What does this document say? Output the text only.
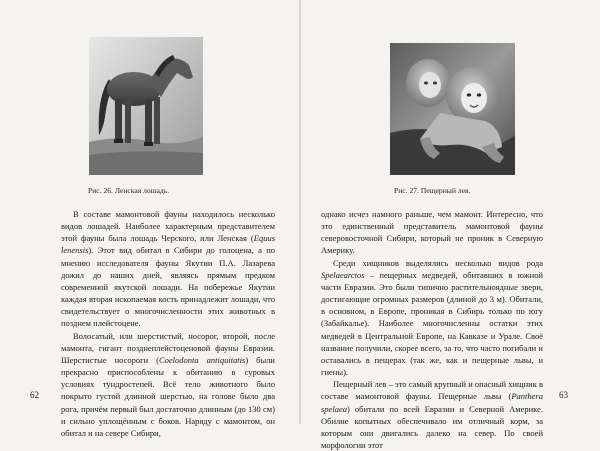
Рис. 26. Ленская лошадь.

В составе мамонтовой фауны находилось несколько видов лошадей. Наиболее характерным представителем этой фауны была лошадь Черского, или Ленская (Equus lenensis). Этот вид обитал в Сибири до голоцена, а по мнению исследователя фауны Якутии П.А. Лазарева дожил до наших дней, являясь прямым предком современной якутской лошади. На побережье Якутии каждая вторая ископаемая кость принадлежит лошади, что свидетельствует о многочисленности этих животных в позднем плейстоцене.

Волосатый, или шерстистый, носорог, второй, после мамонта, гигант позднеплейстоценовой фауны Евразии. Шерстистые носороги (Coelodonta antiquitatis) были прекрасно приспособлены к обитанию в суровых условиях тундростепей. Всё тело животного было покрыто густой длинной шерстью, на голове было два рога, причём первый был достаточно длинным (до 130 см) и сильно уплощённым с боков. Наряду с мамонтом, он обитал и на севере Сибири,

62
Рис. 27. Пещерный лев.

однако исчез намного раньше, чем мамонт. Интересно, что это единственный представитель мамонтовой фауны северовосточной Сибири, который не проник в Северную Америку.

Среди хищников выделялись несколько видов рода Spelaearctos – пещерных медведей, обитавших в южной части Евразии. Это были типично растительноядные звери, достигающие огромных размеров (длиной до 3 м). Обитали, в основном, в Европе, проникая в Сибирь только по югу (Забайкалье). Наиболее многочисленны остатки этих медведей в Центральной Европе, на Кавказе и Урале. Своё название получили, скорее всего, за то, что часто погибали и оставались в пещерах (так же, как и пещерные львы, и гиены).

Пещерный лев – это самый крупный и опасный хищник в составе мамонтовой фауны. Пещерные львы (Panthera spelaea) обитали по всей Евразии и Северной Америке. Обилие копытных обеспечивало им отличный корм, за которым они двигались далеко на север. По своей морфологии этот

63
